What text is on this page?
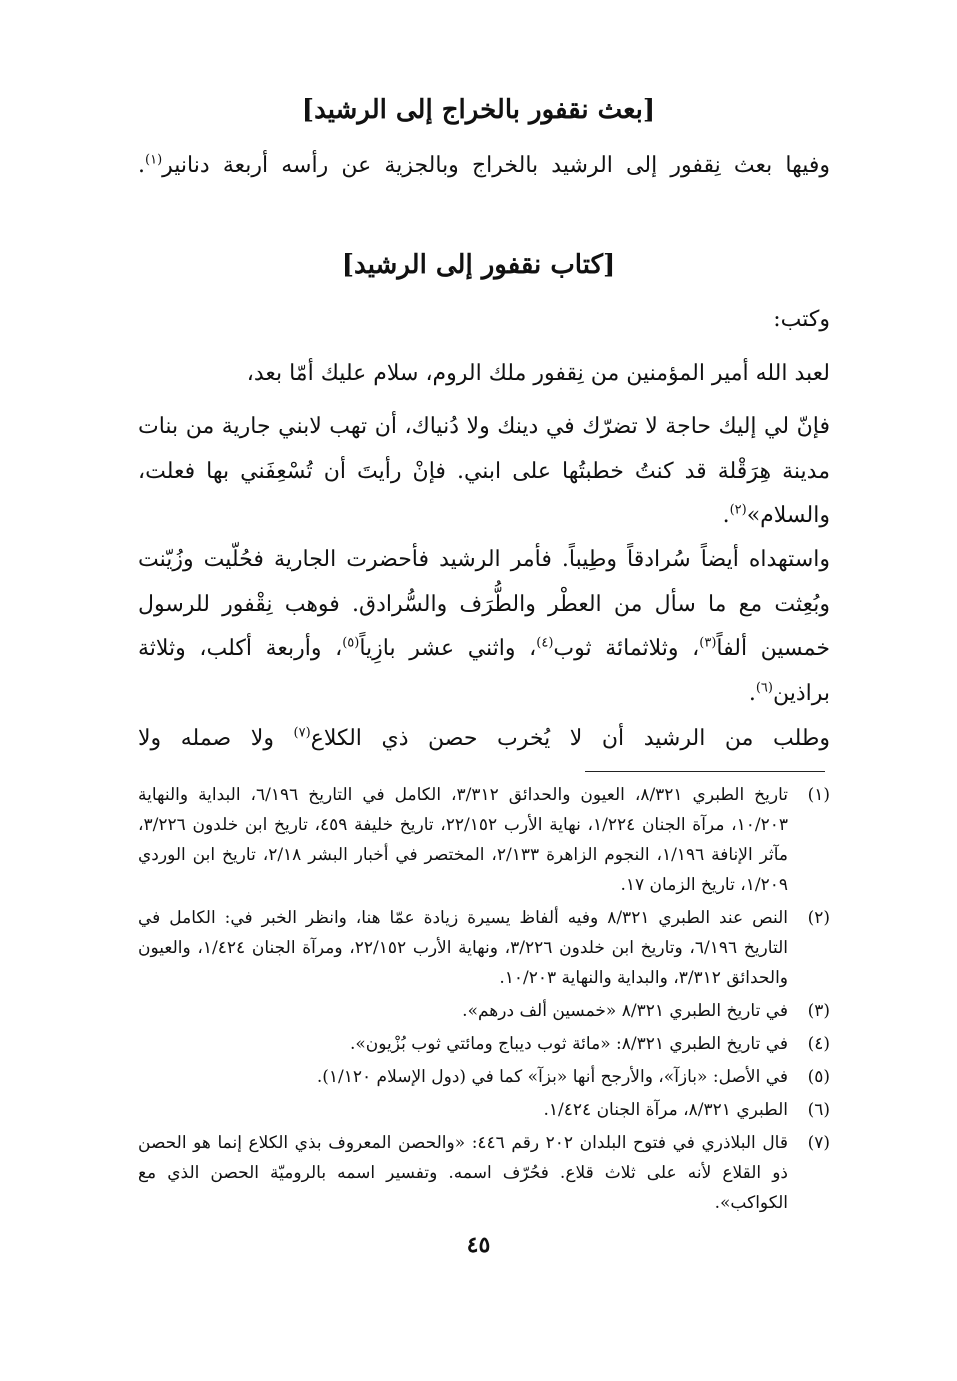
[بعث نقفور بالخراج إلى الرشيد]
وفيها بعث نِقفور إلى الرشيد بالخراج وبالجزية عن رأسه أربعة دنانير$^{(١)}$.
[كتاب نقفور إلى الرشيد]
وكتب:
لعبد الله أمير المؤمنين من نِقفور ملك الروم، سلام عليك أمّا بعد،
فإنّ لي إليك حاجة لا تضرّك في دينك ولا دُنياك، أن تهب لابني جارية من بنات مدينة هِرَقْلة قد كنتُ خطبتُها على ابني. فإنْ رأيتَ أن تُسْعِفَني بها فعلت، والسلام»$^{(٢)}$.
واستهداه أيضاً سُرادقاً وطِيباً. فأمر الرشيد فأحضرت الجارية فحُلّيت وزُيّنت وبُعِثت مع ما سأل من العطْر والطُّرَف والسُّرادق. فوهب نِقْفور للرسول خمسين ألفاً$^{(٣)}$، وثلاثمائة ثوب$^{(٤)}$، واثني عشر بازِياً$^{(٥)}$، وأربعة أكلب، وثلاثة براذين$^{(٦)}$.
وطلب من الرشيد أن لا يُخرب حصن ذي الكلاع$^{(٧)}$ ولا صمله ولا
(١)
تاريخ الطبري ٨/٣٢١، العيون والحدائق ٣/٣١٢، الكامل في التاريخ ٦/١٩٦، البداية والنهاية ١٠/٢٠٣، مرآة الجنان ١/٢٢٤، نهاية الأرب ٢٢/١٥٢، تاريخ خليفة ٤٥٩، تاريخ ابن خلدون ٣/٢٢٦، مآثر الإنافة ١/١٩٦، النجوم الزاهرة ٢/١٣٣، المختصر في أخبار البشر ٢/١٨، تاريخ ابن الوردي ١/٢٠٩، تاريخ الزمان ١٧.
(٢)
النص عند الطبري ٨/٣٢١ وفيه ألفاظ يسيرة زيادة عمّا هنا، وانظر الخبر في: الكامل في التاريخ ٦/١٩٦، وتاريخ ابن خلدون ٣/٢٢٦، ونهاية الأرب ٢٢/١٥٢، ومرآة الجنان ١/٤٢٤، والعيون والحدائق ٣/٣١٢، والبداية والنهاية ١٠/٢٠٣.
(٣)
في تاريخ الطبري ٨/٣٢١ «خمسين ألف درهم».
(٤)
في تاريخ الطبري ٨/٣٢١: «مائة ثوب ديباج ومائتي ثوب بُزْيون».
(٥)
في الأصل: «بازآ»، والأرجح أنها «بزآ» كما في (دول الإسلام ١/١٢٠).
(٦)
الطبري ٨/٣٢١، مرآة الجنان ١/٤٢٤.
(٧)
قال البلاذري في فتوح البلدان ٢٠٢ رقم ٤٤٦: «والحصن المعروف بذي الكلاع إنما هو الحصن ذو القلاع لأنه على ثلاث قلاع. فحُرّف اسمه. وتفسير اسمه بالروميّة الحصن الذي مع الكواكب».
٤٥
